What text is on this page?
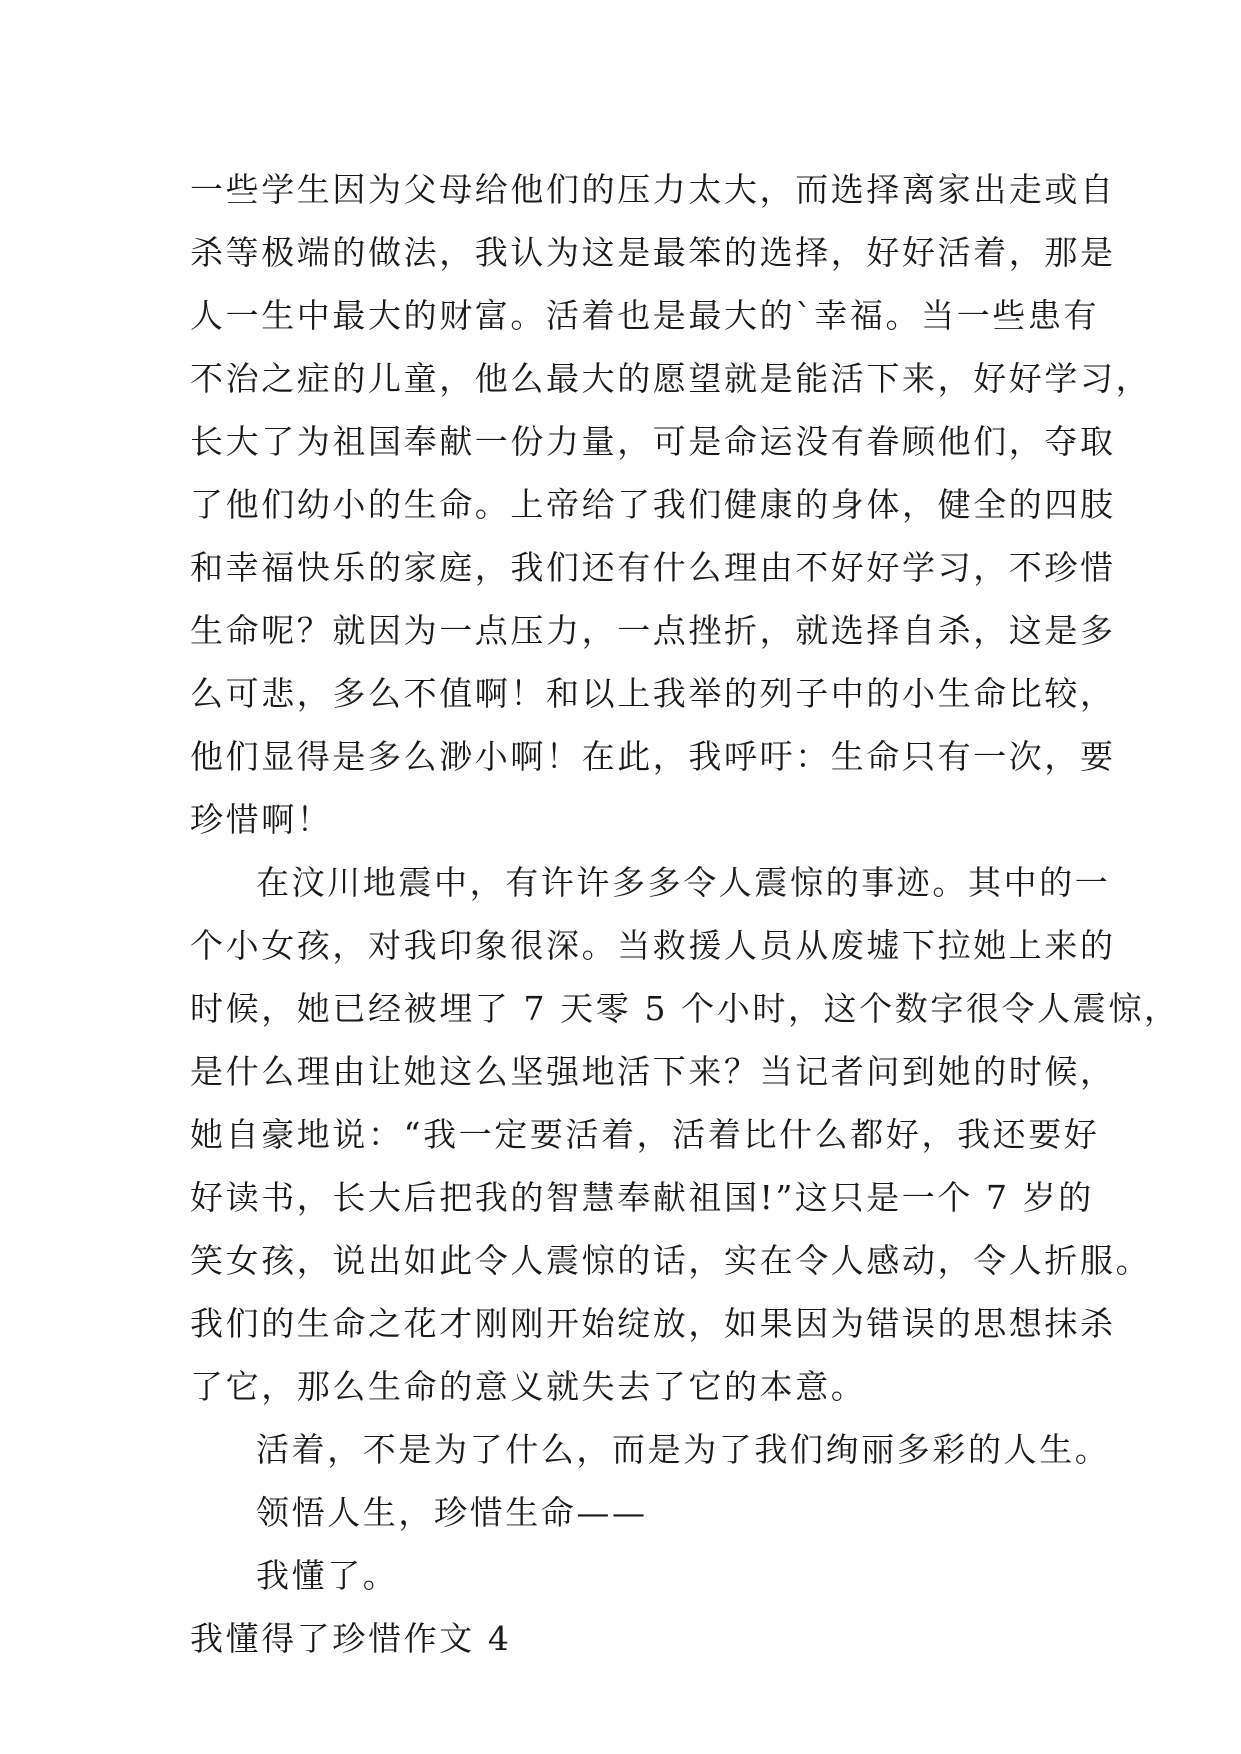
一些学生因为父母给他们的压力太大，而选择离家出走或自
杀等极端的做法，我认为这是最笨的选择，好好活着，那是
人一生中最大的财富。活着也是最大的`幸福。当一些患有
不治之症的儿童，他么最大的愿望就是能活下来，好好学习，
长大了为祖国奉献一份力量，可是命运没有眷顾他们，夺取
了他们幼小的生命。上帝给了我们健康的身体，健全的四肢
和幸福快乐的家庭，我们还有什么理由不好好学习，不珍惜
生命呢？就因为一点压力，一点挫折，就选择自杀，这是多
么可悲，多么不值啊！和以上我举的列子中的小生命比较，
他们显得是多么渺小啊！在此，我呼吁：生命只有一次，要
珍惜啊！
在汶川地震中，有许许多多令人震惊的事迹。其中的一
个小女孩，对我印象很深。当救援人员从废墟下拉她上来的
时候，她已经被埋了 7 天零 5 个小时，这个数字很令人震惊，
是什么理由让她这么坚强地活下来？当记者问到她的时候，
她自豪地说：“我一定要活着，活着比什么都好，我还要好
好读书，长大后把我的智慧奉献祖国!”这只是一个 7 岁的
笑女孩，说出如此令人震惊的话，实在令人感动，令人折服。
我们的生命之花才刚刚开始绽放，如果因为错误的思想抹杀
了它，那么生命的意义就失去了它的本意。
活着，不是为了什么，而是为了我们绚丽多彩的人生。
领悟人生，珍惜生命——
我懂了。
我懂得了珍惜作文 4
